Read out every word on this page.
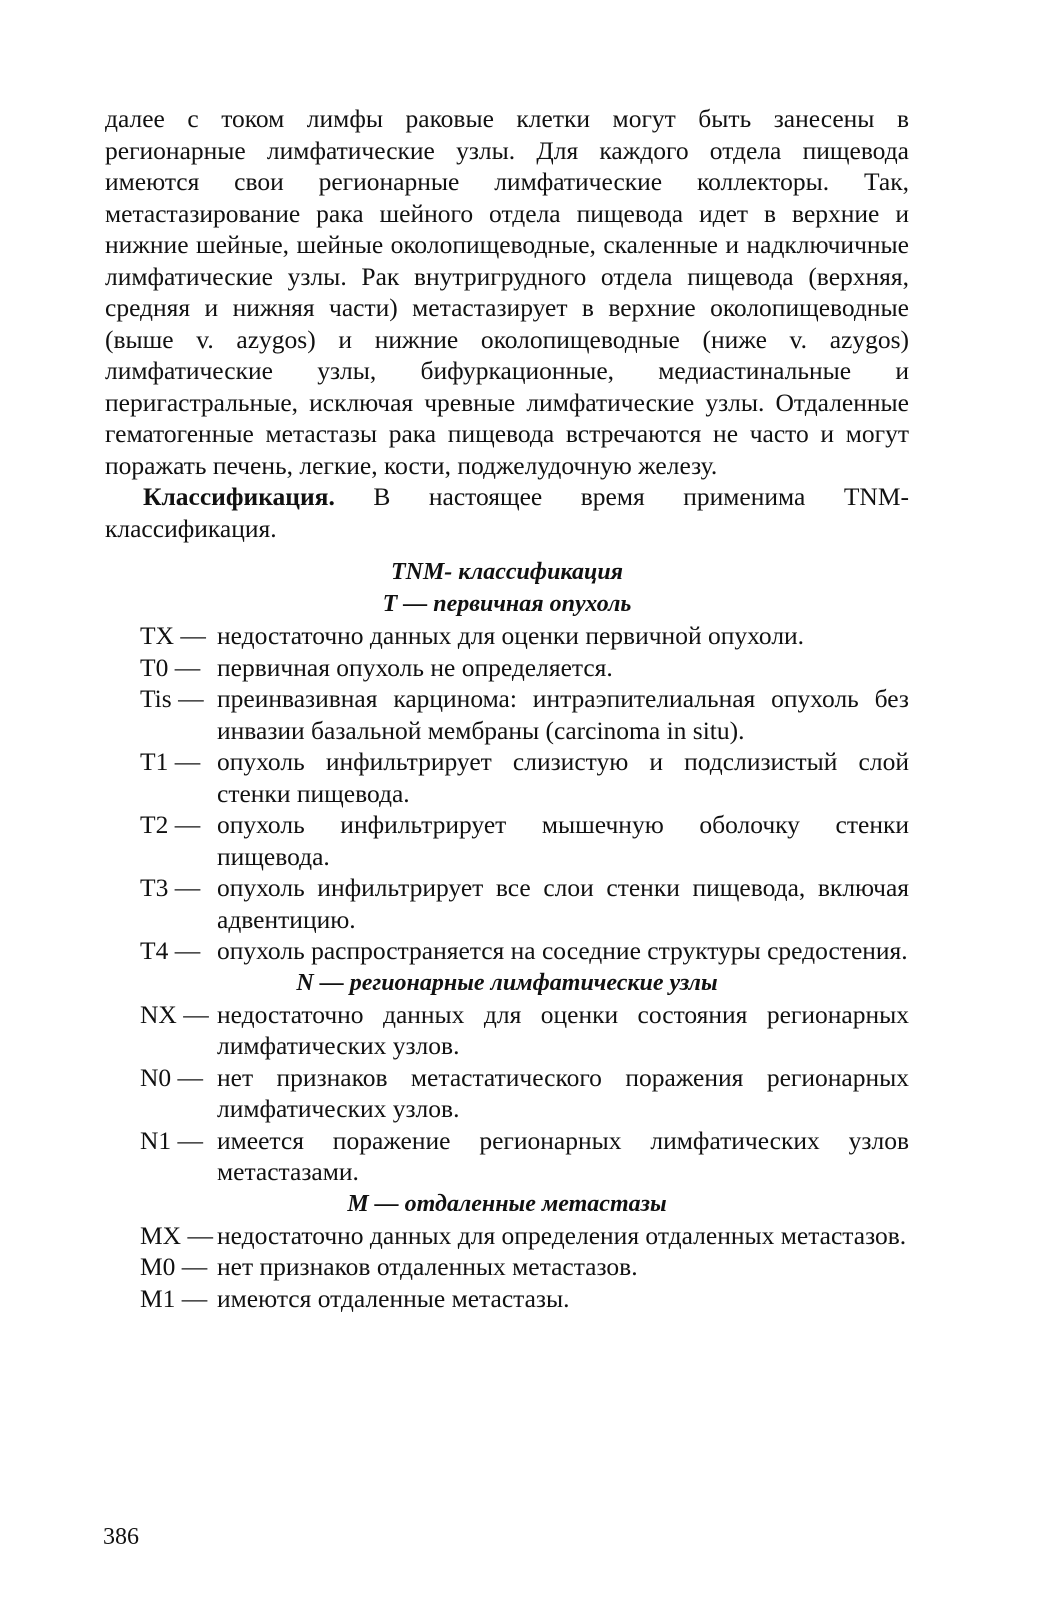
далее с током лимфы раковые клетки могут быть занесены в регионарные лимфатические узлы. Для каждого отдела пищевода имеются свои регионарные лимфатические коллекторы. Так, метастазирование рака шейного отдела пищевода идет в верхние и нижние шейные, шейные околопищеводные, скаленные и надключичные лимфатические узлы. Рак внутригрудного отдела пищевода (верхняя, средняя и нижняя части) метастазирует в верхние околопищеводные (выше v. azygos) и нижние околопищеводные (ниже v. azygos) лимфатические узлы, бифуркационные, медиастинальные и перигастральные, исключая чревные лимфатические узлы. Отдаленные гематогенные метастазы рака пищевода встречаются не часто и могут поражать печень, легкие, кости, поджелудочную железу.

Классификация. В настоящее время применима TNM-классификация.

TNM- классификация

T — первичная опухоль

TX — недостаточно данных для оценки первичной опухоли.
T0 — первичная опухоль не определяется.
Tis — преинвазивная карцинома: интраэпителиальная опухоль без инвазии базальной мембраны (carcinoma in situ).
T1 — опухоль инфильтрирует слизистую и подслизистый слой стенки пищевода.
T2 — опухоль инфильтрирует мышечную оболочку стенки пищевода.
T3 — опухоль инфильтрирует все слои стенки пищевода, включая адвентицию.
T4 — опухоль распространяется на соседние структуры средостения.

N — регионарные лимфатические узлы

NX — недостаточно данных для оценки состояния регионарных лимфатических узлов.
N0 — нет признаков метастатического поражения регионарных лимфатических узлов.
N1 — имеется поражение регионарных лимфатических узлов метастазами.

M — отдаленные метастазы

MX — недостаточно данных для определения отдаленных метастазов.
M0 — нет признаков отдаленных метастазов.
M1 — имеются отдаленные метастазы.
386
